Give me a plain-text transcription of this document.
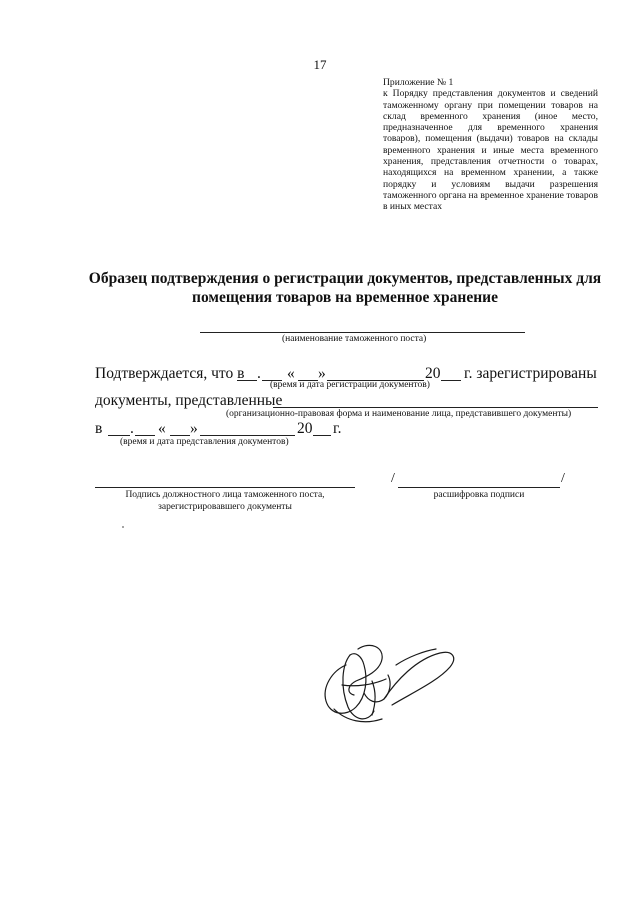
17
Приложение № 1
к Порядку представления документов и сведений таможенному органу при помещении товаров на склад временного хранения (иное место, предназначенное для временного хранения товаров), помещения (выдачи) товаров на склады временного хранения и иные места временного хранения, представления отчетности о товарах, находящихся на временном хранении, а также порядку и условиям выдачи разрешения таможенного органа на временное хранение товаров в иных местах
Образец подтверждения о регистрации документов, представленных для
помещения товаров на временное хранение
(наименование таможенного поста)
Подтверждается, что в . « »	20 г. зарегистрированы
(время и дата регистрации документов)
документы, представленные
(организационно-правовая форма и наименование лица, представившего документы)
в . « »	20 г.
(время и дата представления документов)
Подпись должностного лица таможенного поста,
зарегистрировавшего документы
/	/
расшифровка подписи
